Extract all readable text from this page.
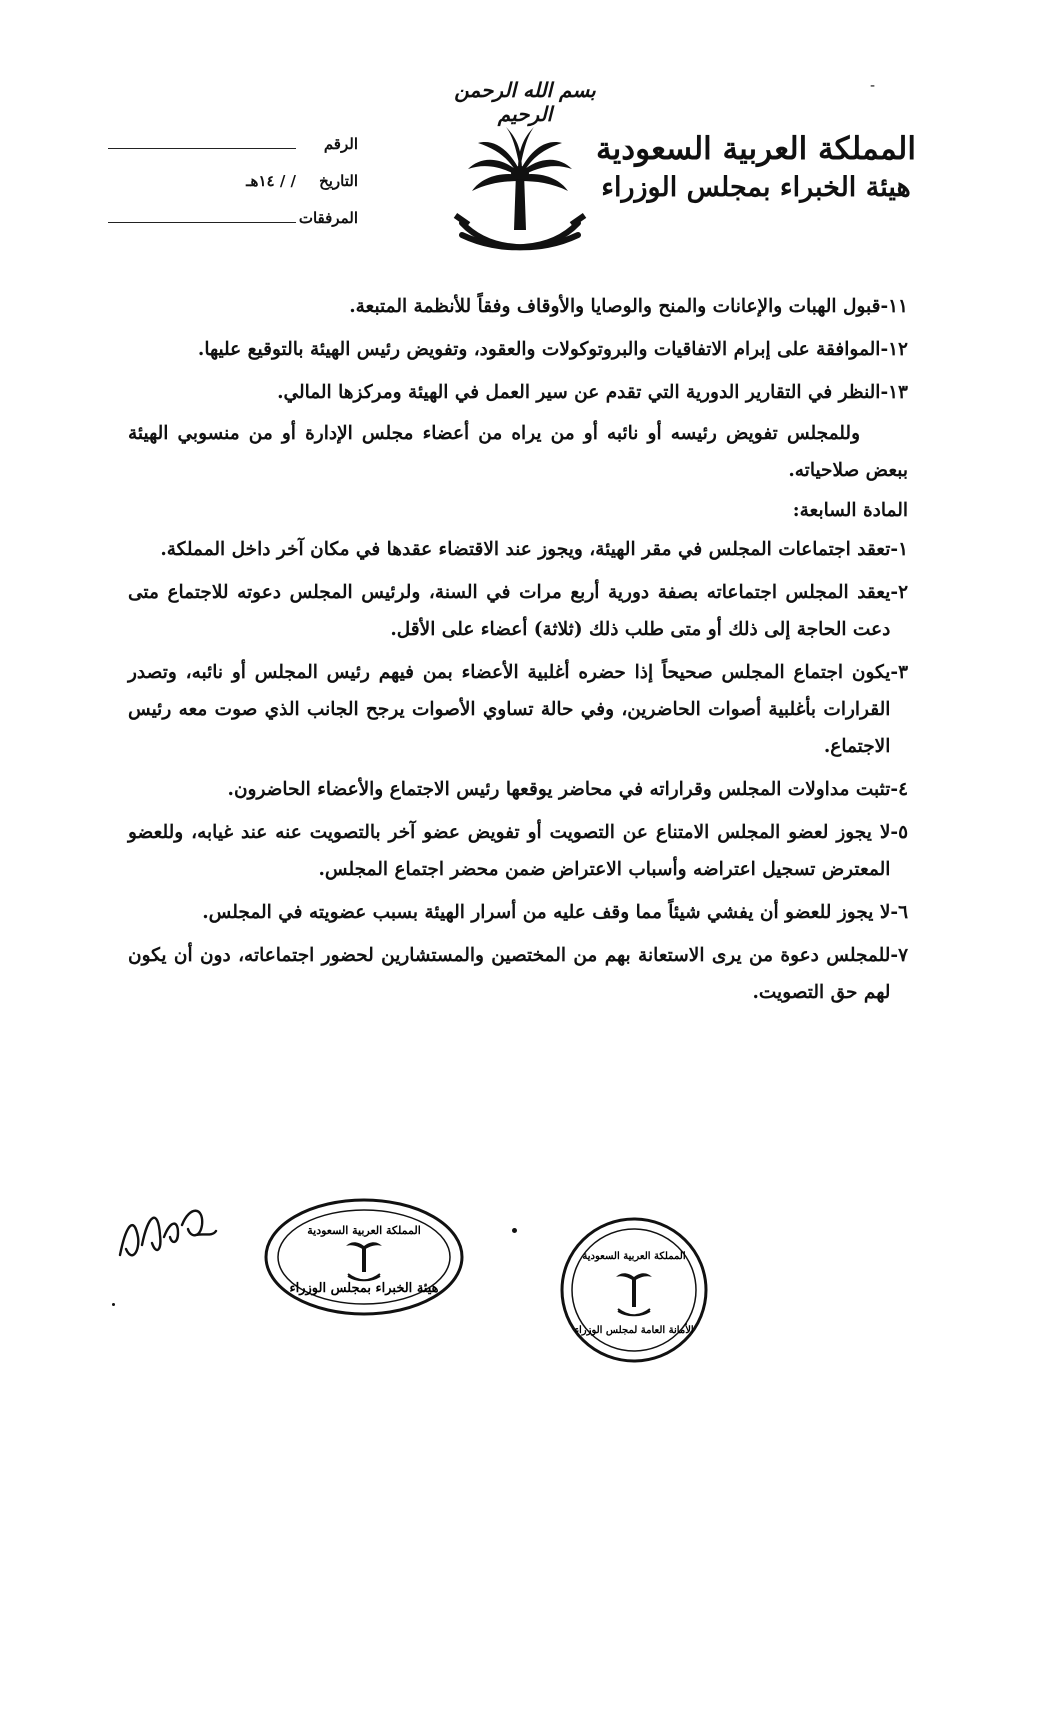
-
بسم الله الرحمن الرحيم
المملكة العربية السعودية
هيئة الخبراء بمجلس الوزراء
الرقم
التاريخ
/ / ١٤هـ
المرفقات
١١-
قبول الهبات والإعانات والمنح والوصايا والأوقاف وفقاً للأنظمة المتبعة.
١٢-
الموافقة على إبرام الاتفاقيات والبروتوكولات والعقود، وتفويض رئيس الهيئة بالتوقيع عليها.
١٣-
النظر في التقارير الدورية التي تقدم عن سير العمل في الهيئة ومركزها المالي.
وللمجلس تفويض رئيسه أو نائبه أو من يراه من أعضاء مجلس الإدارة أو من منسوبي الهيئة ببعض صلاحياته.
المادة السابعة:
١-
تعقد اجتماعات المجلس في مقر الهيئة، ويجوز عند الاقتضاء عقدها في مكان آخر داخل المملكة.
٢-
يعقد المجلس اجتماعاته بصفة دورية أربع مرات في السنة، ولرئيس المجلس دعوته للاجتماع متى دعت الحاجة إلى ذلك أو متى طلب ذلك (ثلاثة) أعضاء على الأقل.
٣-
يكون اجتماع المجلس صحيحاً إذا حضره أغلبية الأعضاء بمن فيهم رئيس المجلس أو نائبه، وتصدر القرارات بأغلبية أصوات الحاضرين، وفي حالة تساوي الأصوات يرجح الجانب الذي صوت معه رئيس الاجتماع.
٤-
تثبت مداولات المجلس وقراراته في محاضر يوقعها رئيس الاجتماع والأعضاء الحاضرون.
٥-
لا يجوز لعضو المجلس الامتناع عن التصويت أو تفويض عضو آخر بالتصويت عنه عند غيابه، وللعضو المعترض تسجيل اعتراضه وأسباب الاعتراض ضمن محضر اجتماع المجلس.
٦-
لا يجوز للعضو أن يفشي شيئاً مما وقف عليه من أسرار الهيئة بسبب عضويته في المجلس.
٧-
للمجلس دعوة من يرى الاستعانة بهم من المختصين والمستشارين لحضور اجتماعاته، دون أن يكون لهم حق التصويت.
المملكة العربية السعودية
هيئة الخبراء بمجلس الوزراء
المملكة العربية السعودية
الأمانة العامة لمجلس الوزراء
